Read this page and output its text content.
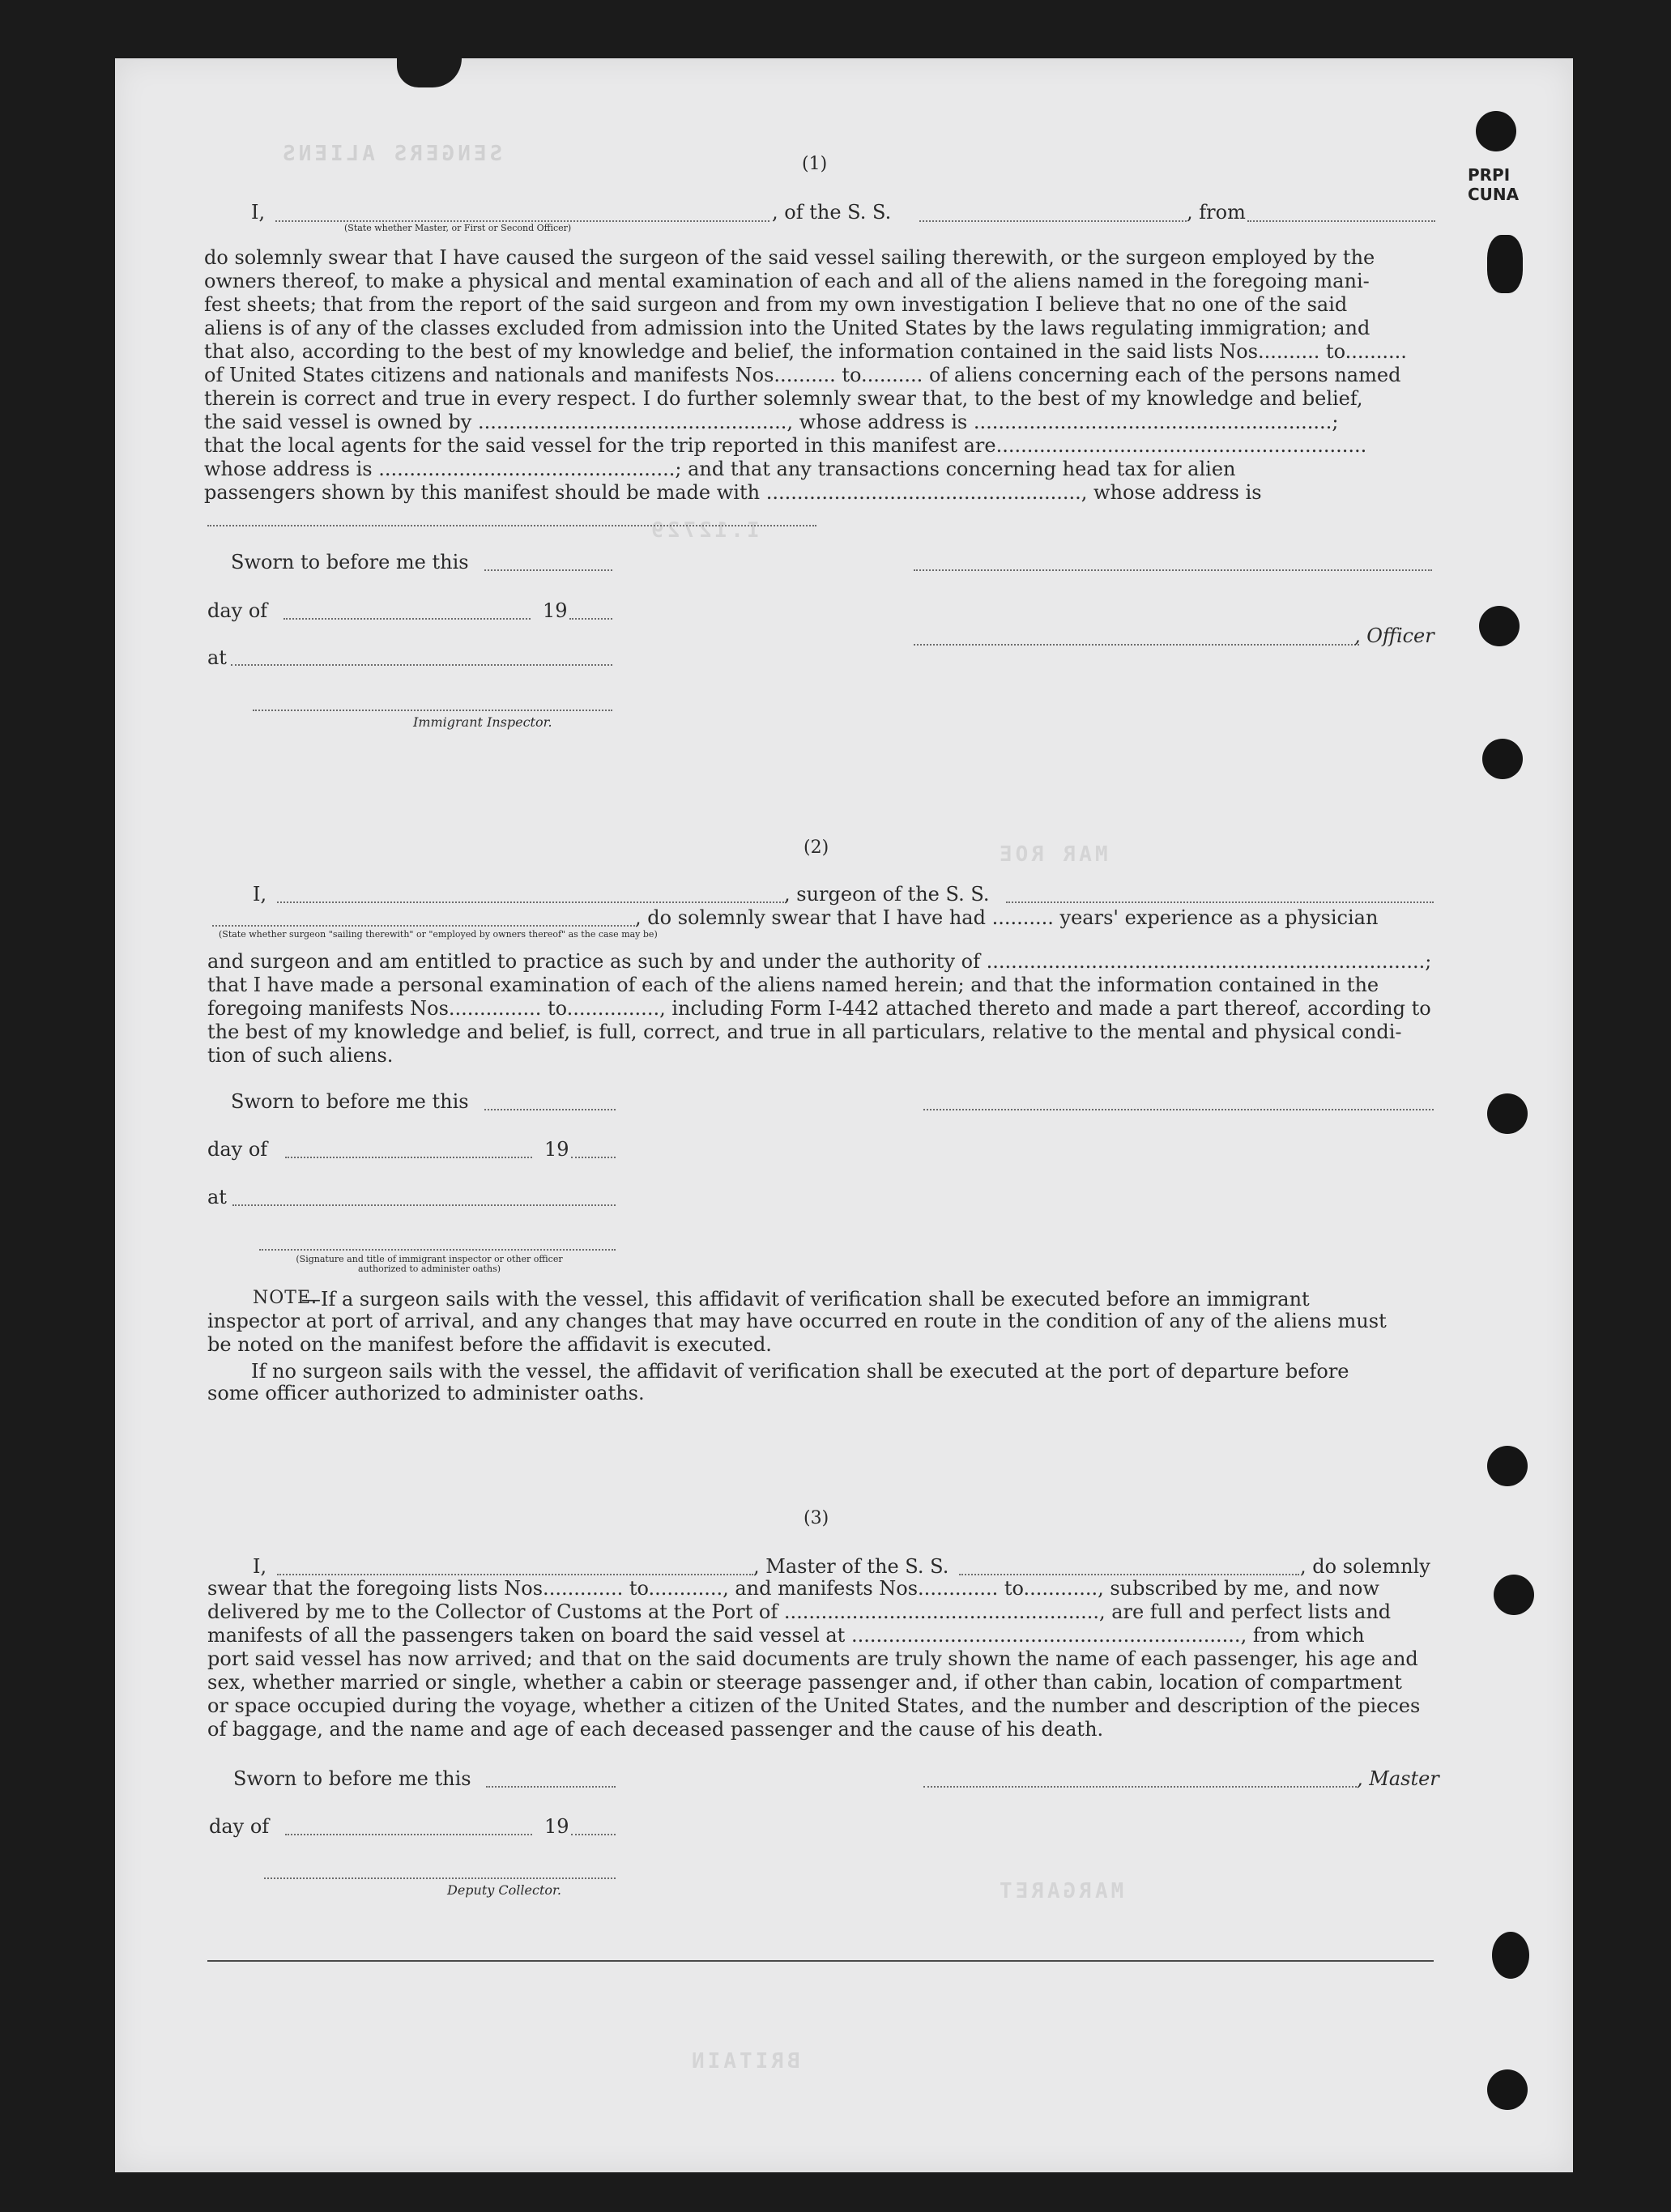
PRPI
CUNA
SENGERS ALIENS
I.12729
MAR ROE
MARGARET
BRITAIN
(1)
I,	, of the S. S.	, from
(State whether Master, or First or Second Officer)
do solemnly swear that I have caused the surgeon of the said vessel sailing therewith, or the surgeon employed by the
owners thereof, to make a physical and mental examination of each and all of the aliens named in the foregoing mani-
fest sheets; that from the report of the said surgeon and from my own investigation I believe that no one of the said
aliens is of any of the classes excluded from admission into the United States by the laws regulating immigration; and
that also, according to the best of my knowledge and belief, the information contained in the said lists Nos.......... to..........
of United States citizens and nationals and manifests Nos.......... to.......... of aliens concerning each of the persons named
therein is correct and true in every respect. I do further solemnly swear that, to the best of my knowledge and belief,
the said vessel is owned by .................................................., whose address is ..........................................................;
that the local agents for the said vessel for the trip reported in this manifest are............................................................
whose address is ................................................; and that any transactions concerning head tax for alien
passengers shown by this manifest should be made with ..................................................., whose address is
Sworn to before me this
day of	19
, Officer
at
Immigrant Inspector.
(2)
I,	, surgeon of the S. S.
, do solemnly swear that I have had .......... years' experience as a physician
(State whether surgeon "sailing therewith" or "employed by owners thereof" as the case may be)
and surgeon and am entitled to practice as such by and under the authority of .......................................................................;
that I have made a personal examination of each of the aliens named herein; and that the information contained in the
foregoing manifests Nos............... to..............., including Form I-442 attached thereto and made a part thereof, according to
the best of my knowledge and belief, is full, correct, and true in all particulars, relative to the mental and physical condi-
tion of such aliens.
Sworn to before me this
day of	19
at
(Signature and title of immigrant inspector or other officer authorized to administer oaths)
NOTE.
—If a surgeon sails with the vessel, this affidavit of verification shall be executed before an immigrant
inspector at port of arrival, and any changes that may have occurred en route in the condition of any of the aliens must
be noted on the manifest before the affidavit is executed.
If no surgeon sails with the vessel, the affidavit of verification shall be executed at the port of departure before
some officer authorized to administer oaths.
(3)
I,	, Master of the S. S.	, do solemnly
swear that the foregoing lists Nos............. to............, and manifests Nos............. to............, subscribed by me, and now
delivered by me to the Collector of Customs at the Port of ..................................................., are full and perfect lists and
manifests of all the passengers taken on board the said vessel at ..............................................................., from which
port said vessel has now arrived; and that on the said documents are truly shown the name of each passenger, his age and
sex, whether married or single, whether a cabin or steerage passenger and, if other than cabin, location of compartment
or space occupied during the voyage, whether a citizen of the United States, and the number and description of the pieces
of baggage, and the name and age of each deceased passenger and the cause of his death.
Sworn to before me this	, Master
day of	19
Deputy Collector.
